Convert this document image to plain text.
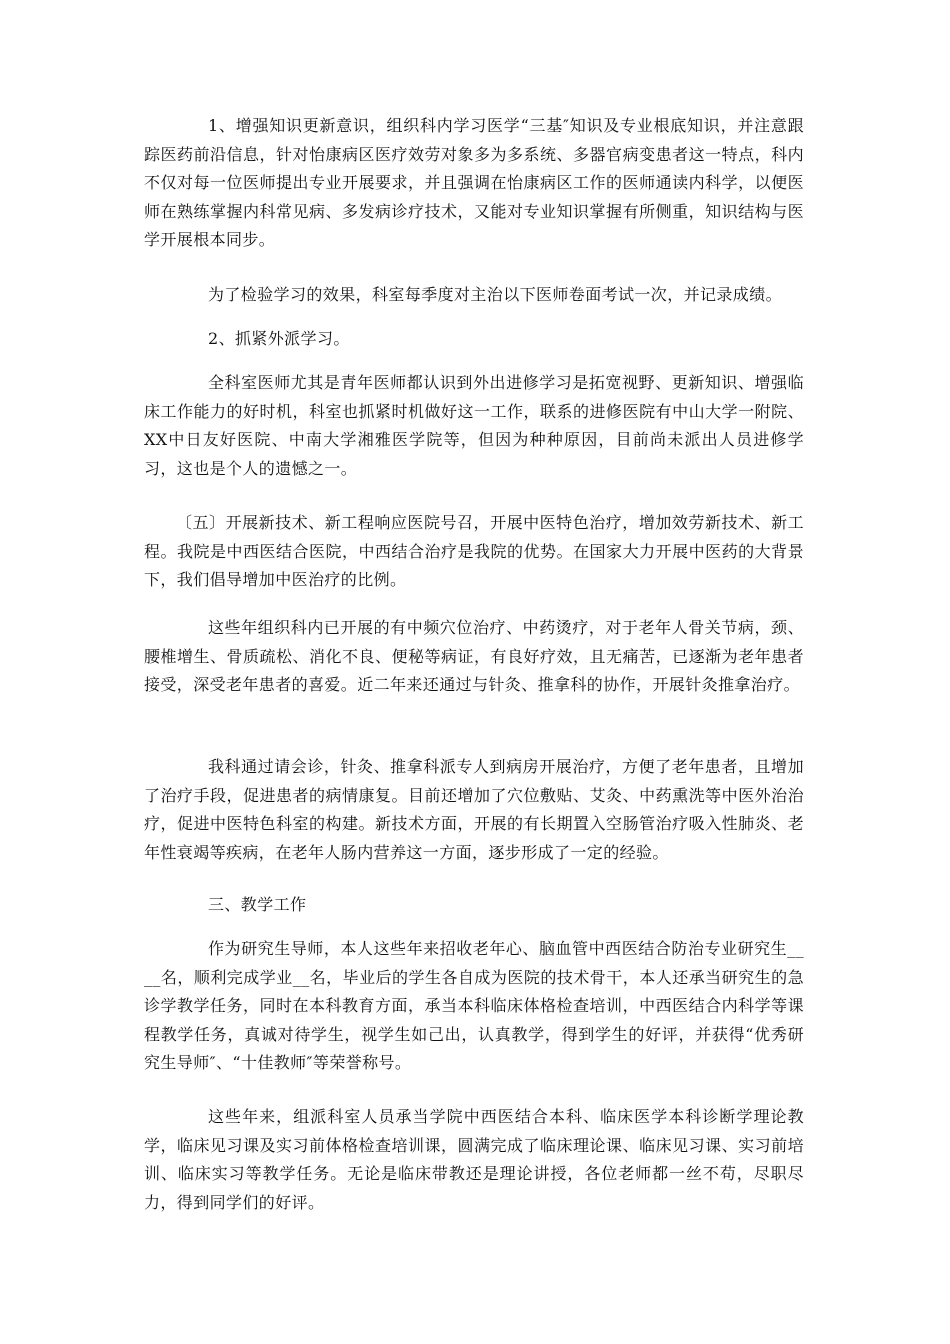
1、增强知识更新意识，组织科内学习医学“三基″知识及专业根底知识，并注意跟踪医药前沿信息，针对怡康病区医疗效劳对象多为多系统、多器官病变患者这一特点，科内不仅对每一位医师提出专业开展要求，并且强调在怡康病区工作的医师通读内科学，以便医师在熟练掌握内科常见病、多发病诊疗技术，又能对专业知识掌握有所侧重，知识结构与医学开展根本同步。

为了检验学习的效果，科室每季度对主治以下医师卷面考试一次，并记录成绩。

2、抓紧外派学习。

全科室医师尤其是青年医师都认识到外出进修学习是拓宽视野、更新知识、增强临床工作能力的好时机，科室也抓紧时机做好这一工作，联系的进修医院有中山大学一附院、XX中日友好医院、中南大学湘雅医学院等，但因为种种原因，目前尚未派出人员进修学习，这也是个人的遗憾之一。

〔五〕开展新技术、新工程响应医院号召，开展中医特色治疗，增加效劳新技术、新工程。我院是中西医结合医院，中西结合治疗是我院的优势。在国家大力开展中医药的大背景下，我们倡导增加中医治疗的比例。

这些年组织科内已开展的有中频穴位治疗、中药烫疗，对于老年人骨关节病，颈、腰椎增生、骨质疏松、消化不良、便秘等病证，有良好疗效，且无痛苦，已逐渐为老年患者接受，深受老年患者的喜爱。近二年来还通过与针灸、推拿科的协作，开展针灸推拿治疗。

我科通过请会诊，针灸、推拿科派专人到病房开展治疗，方便了老年患者，且增加了治疗手段，促进患者的病情康复。目前还增加了穴位敷贴、艾灸、中药熏洗等中医外治治疗，促进中医特色科室的构建。新技术方面，开展的有长期置入空肠管治疗吸入性肺炎、老年性衰竭等疾病，在老年人肠内营养这一方面，逐步形成了一定的经验。

三、教学工作

作为研究生导师，本人这些年来招收老年心、脑血管中西医结合防治专业研究生____名，顺利完成学业__名，毕业后的学生各自成为医院的技术骨干，本人还承当研究生的急诊学教学任务，同时在本科教育方面，承当本科临床体格检查培训，中西医结合内科学等课程教学任务，真诚对待学生，视学生如己出，认真教学，得到学生的好评，并获得“优秀研究生导师″、“十佳教师″等荣誉称号。

这些年来，组派科室人员承当学院中西医结合本科、临床医学本科诊断学理论教学，临床见习课及实习前体格检查培训课，圆满完成了临床理论课、临床见习课、实习前培训、临床实习等教学任务。无论是临床带教还是理论讲授，各位老师都一丝不苟，尽职尽力，得到同学们的好评。
